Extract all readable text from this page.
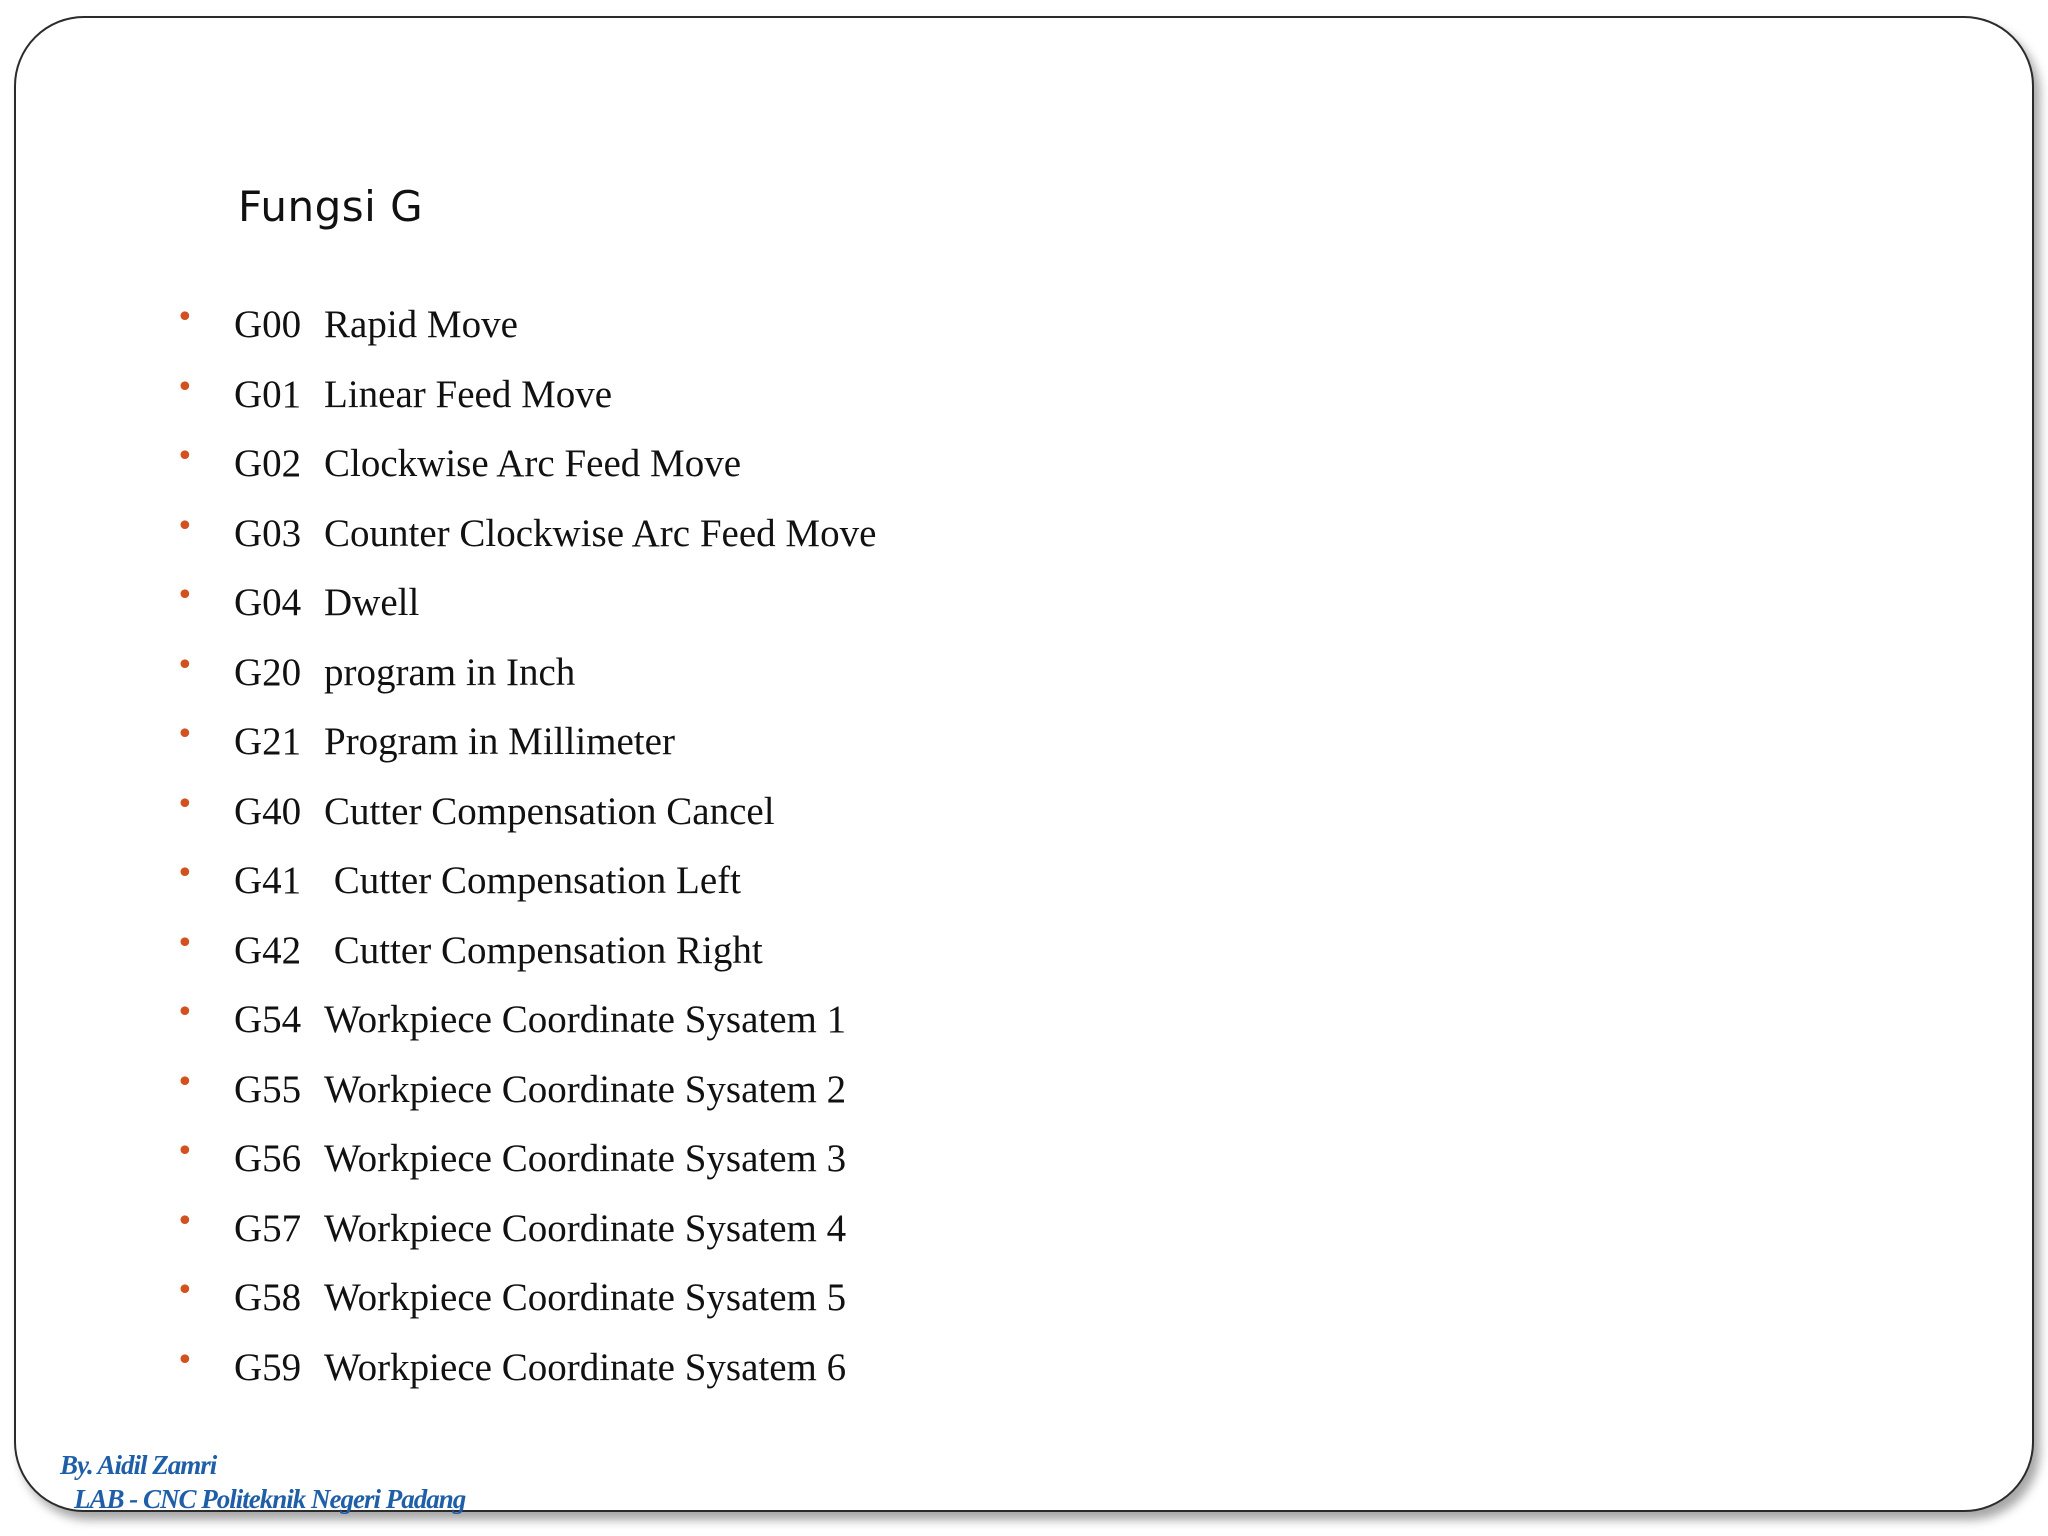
Fungsi G
•	G00 Rapid Move
•	G01 Linear Feed Move
•	G02 Clockwise Arc Feed Move
•	G03 Counter Clockwise Arc Feed Move
•	G04 Dwell
•	G20 program in Inch
•	G21 Program in Millimeter
•	G40 Cutter Compensation Cancel
•	G41 Cutter Compensation Left
•	G42 Cutter Compensation Right
•	G54 Workpiece Coordinate Sysatem 1
•	G55 Workpiece Coordinate Sysatem 2
•	G56 Workpiece Coordinate Sysatem 3
•	G57 Workpiece Coordinate Sysatem 4
•	G58 Workpiece Coordinate Sysatem 5
•	G59 Workpiece Coordinate Sysatem 6
By. Aidil Zamri
LAB - CNC Politeknik Negeri Padang
